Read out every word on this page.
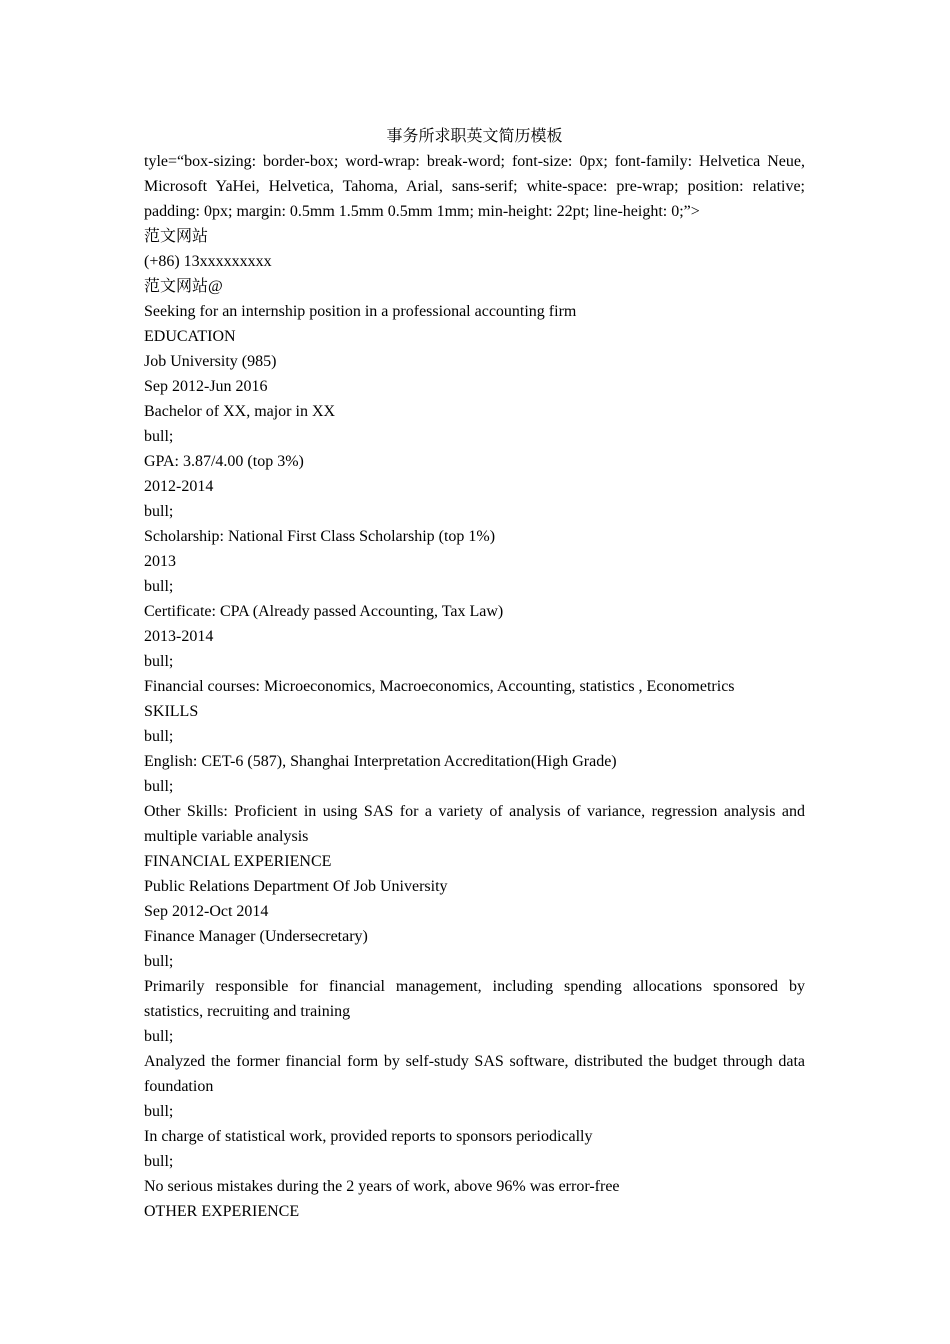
事务所求职英文简历模板
tyle=“box-sizing: border-box; word-wrap: break-word; font-size: 0px; font-family: Helvetica Neue, Microsoft YaHei, Helvetica, Tahoma, Arial, sans-serif; white-space: pre-wrap; position: relative; padding: 0px; margin: 0.5mm 1.5mm 0.5mm 1mm; min-height: 22pt; line-height: 0;”>
范文网站
(+86) 13xxxxxxxxx
范文网站@
Seeking for an internship position in a professional accounting firm
EDUCATION
Job University (985)
Sep 2012-Jun 2016
Bachelor of XX, major in XX
bull;
GPA: 3.87/4.00 (top 3%)
2012-2014
bull;
Scholarship: National First Class Scholarship (top 1%)
2013
bull;
Certificate: CPA (Already passed Accounting, Tax Law)
2013-2014
bull;
Financial courses: Microeconomics, Macroeconomics, Accounting, statistics , Econometrics
SKILLS
bull;
English: CET-6 (587), Shanghai Interpretation Accreditation(High Grade)
bull;
Other Skills: Proficient in using SAS for a variety of analysis of variance, regression analysis and multiple variable analysis
FINANCIAL EXPERIENCE
Public Relations Department Of Job University
Sep 2012-Oct 2014
Finance Manager (Undersecretary)
bull;
Primarily responsible for financial management, including spending allocations sponsored by statistics, recruiting and training
bull;
Analyzed the former financial form by self-study SAS software, distributed the budget through data foundation
bull;
In charge of statistical work, provided reports to sponsors periodically
bull;
No serious mistakes during the 2 years of work, above 96% was error-free
OTHER EXPERIENCE
